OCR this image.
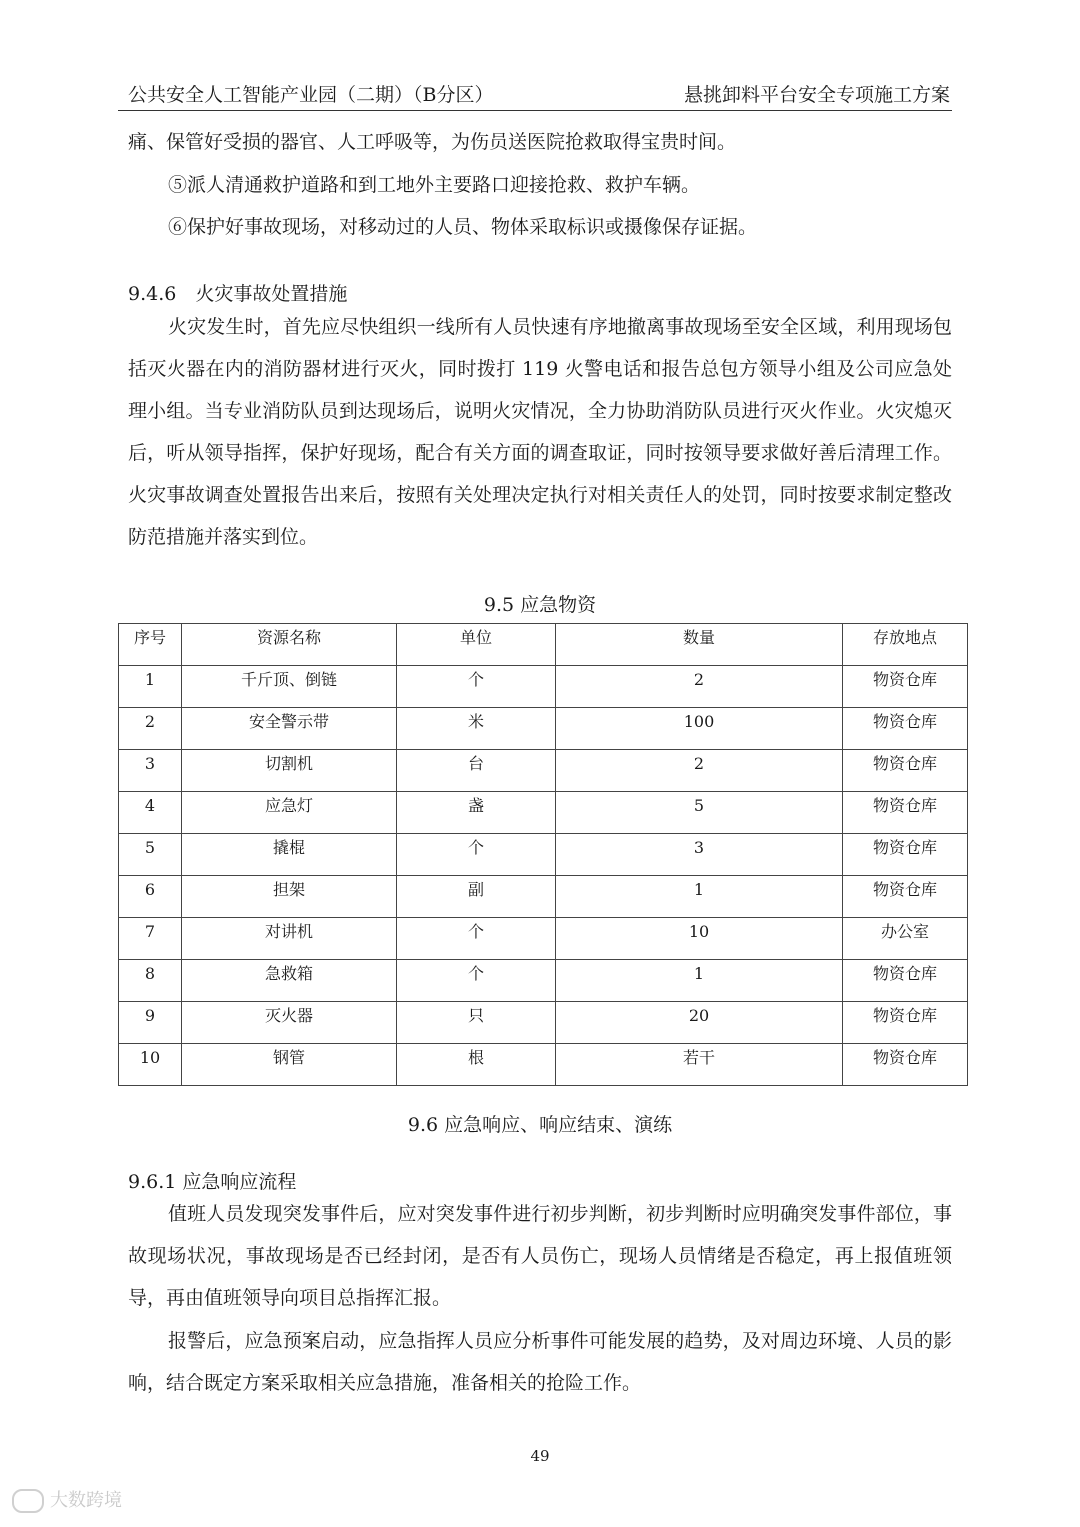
公共安全人工智能产业园（二期）（B分区）	悬挑卸料平台安全专项施工方案

痛、保管好受损的器官、人工呼吸等，为伤员送医院抢救取得宝贵时间。

⑤派人清通救护道路和到工地外主要路口迎接抢救、救护车辆。

⑥保护好事故现场，对移动过的人员、物体采取标识或摄像保存证据。

9.4.6　火灾事故处置措施

火灾发生时，首先应尽快组织一线所有人员快速有序地撤离事故现场至安全区域，利用现场包括灭火器在内的消防器材进行灭火，同时拨打 119 火警电话和报告总包方领导小组及公司应急处理小组。当专业消防队员到达现场后，说明火灾情况，全力协助消防队员进行灭火作业。火灾熄灭后，听从领导指挥，保护好现场，配合有关方面的调查取证，同时按领导要求做好善后清理工作。火灾事故调查处置报告出来后，按照有关处理决定执行对相关责任人的处罚，同时按要求制定整改防范措施并落实到位。

9.5 应急物资

序号	资源名称	单位	数量	存放地点
1	千斤顶、倒链	个	2	物资仓库
2	安全警示带	米	100	物资仓库
3	切割机	台	2	物资仓库
4	应急灯	盏	5	物资仓库
5	撬棍	个	3	物资仓库
6	担架	副	1	物资仓库
7	对讲机	个	10	办公室
8	急救箱	个	1	物资仓库
9	灭火器	只	20	物资仓库
10	钢管	根	若干	物资仓库

9.6 应急响应、响应结束、演练

9.6.1 应急响应流程

值班人员发现突发事件后，应对突发事件进行初步判断，初步判断时应明确突发事件部位，事故现场状况，事故现场是否已经封闭，是否有人员伤亡，现场人员情绪是否稳定，再上报值班领导，再由值班领导向项目总指挥汇报。

报警后，应急预案启动，应急指挥人员应分析事件可能发展的趋势，及对周边环境、人员的影响，结合既定方案采取相关应急措施，准备相关的抢险工作。

49
大数跨境
